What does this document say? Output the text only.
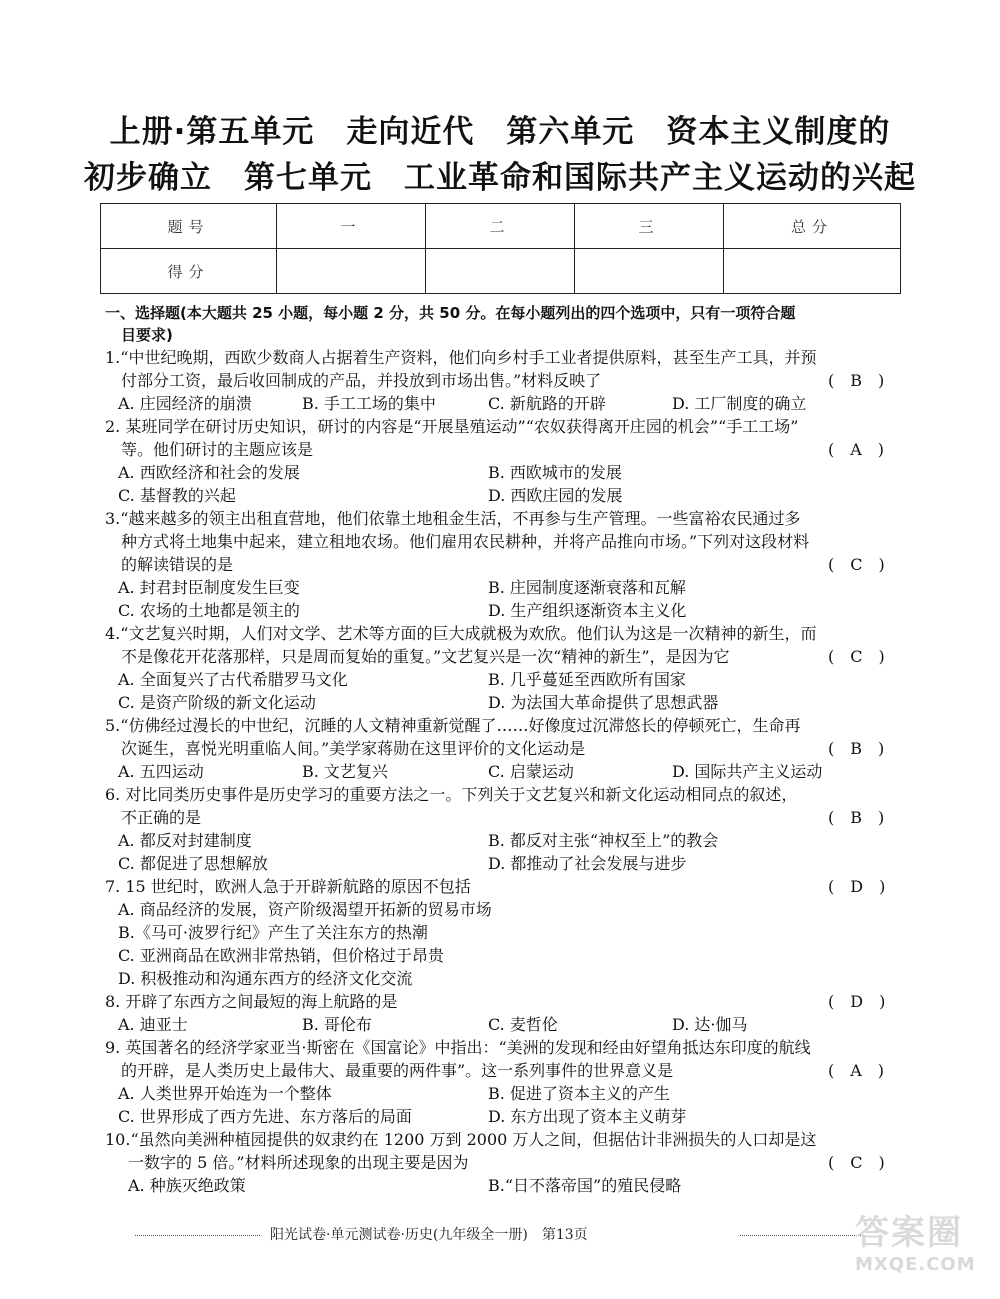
上册·第五单元　走向近代　第六单元　资本主义制度的
初步确立　第七单元　工业革命和国际共产主义运动的兴起
题号	一	二	三	总分
得分				
一、选择题(本大题共 25 小题，每小题 2 分，共 50 分。在每小题列出的四个选项中，只有一项符合题
目要求)
1.“中世纪晚期，西欧少数商人占据着生产资料，他们向乡村手工业者提供原料，甚至生产工具，并预
付部分工资，最后收回制成的产品，并投放到市场出售。”材料反映了	(　B　)
A. 庄园经济的崩溃	B. 手工工场的集中	C. 新航路的开辟	D. 工厂制度的确立
2. 某班同学在研讨历史知识，研讨的内容是“开展垦殖运动”“农奴获得离开庄园的机会”“手工工场”
等。他们研讨的主题应该是	(　A　)
A. 西欧经济和社会的发展	B. 西欧城市的发展
C. 基督教的兴起	D. 西欧庄园的发展
3.“越来越多的领主出租直营地，他们依靠土地租金生活，不再参与生产管理。一些富裕农民通过多
种方式将土地集中起来，建立租地农场。他们雇用农民耕种，并将产品推向市场。”下列对这段材料
的解读错误的是	(　C　)
A. 封君封臣制度发生巨变	B. 庄园制度逐渐衰落和瓦解
C. 农场的土地都是领主的	D. 生产组织逐渐资本主义化
4.“文艺复兴时期，人们对文学、艺术等方面的巨大成就极为欢欣。他们认为这是一次精神的新生，而
不是像花开花落那样，只是周而复始的重复。”文艺复兴是一次“精神的新生”，是因为它	(　C　)
A. 全面复兴了古代希腊罗马文化	B. 几乎蔓延至西欧所有国家
C. 是资产阶级的新文化运动	D. 为法国大革命提供了思想武器
5.“仿佛经过漫长的中世纪，沉睡的人文精神重新觉醒了……好像度过沉滞悠长的停顿死亡，生命再
次诞生，喜悦光明重临人间。”美学家蒋勋在这里评价的文化运动是	(　B　)
A. 五四运动	B. 文艺复兴	C. 启蒙运动	D. 国际共产主义运动
6. 对比同类历史事件是历史学习的重要方法之一。下列关于文艺复兴和新文化运动相同点的叙述，
不正确的是	(　B　)
A. 都反对封建制度	B. 都反对主张“神权至上”的教会
C. 都促进了思想解放	D. 都推动了社会发展与进步
7. 15 世纪时，欧洲人急于开辟新航路的原因不包括	(　D　)
A. 商品经济的发展，资产阶级渴望开拓新的贸易市场
B.《马可·波罗行纪》产生了关注东方的热潮
C. 亚洲商品在欧洲非常热销，但价格过于昂贵
D. 积极推动和沟通东西方的经济文化交流
8. 开辟了东西方之间最短的海上航路的是	(　D　)
A. 迪亚士	B. 哥伦布	C. 麦哲伦	D. 达·伽马
9. 英国著名的经济学家亚当·斯密在《国富论》中指出：“美洲的发现和经由好望角抵达东印度的航线
的开辟，是人类历史上最伟大、最重要的两件事”。这一系列事件的世界意义是	(　A　)
A. 人类世界开始连为一个整体	B. 促进了资本主义的产生
C. 世界形成了西方先进、东方落后的局面	D. 东方出现了资本主义萌芽
10.“虽然向美洲种植园提供的奴隶约在 1200 万到 2000 万人之间，但据估计非洲损失的人口却是这
一数字的 5 倍。”材料所述现象的出现主要是因为	(　C　)
A. 种族灭绝政策	B.“日不落帝国”的殖民侵略
阳光试卷·单元测试卷·历史(九年级全一册)　第13页	答案圈
MXQE.COM
